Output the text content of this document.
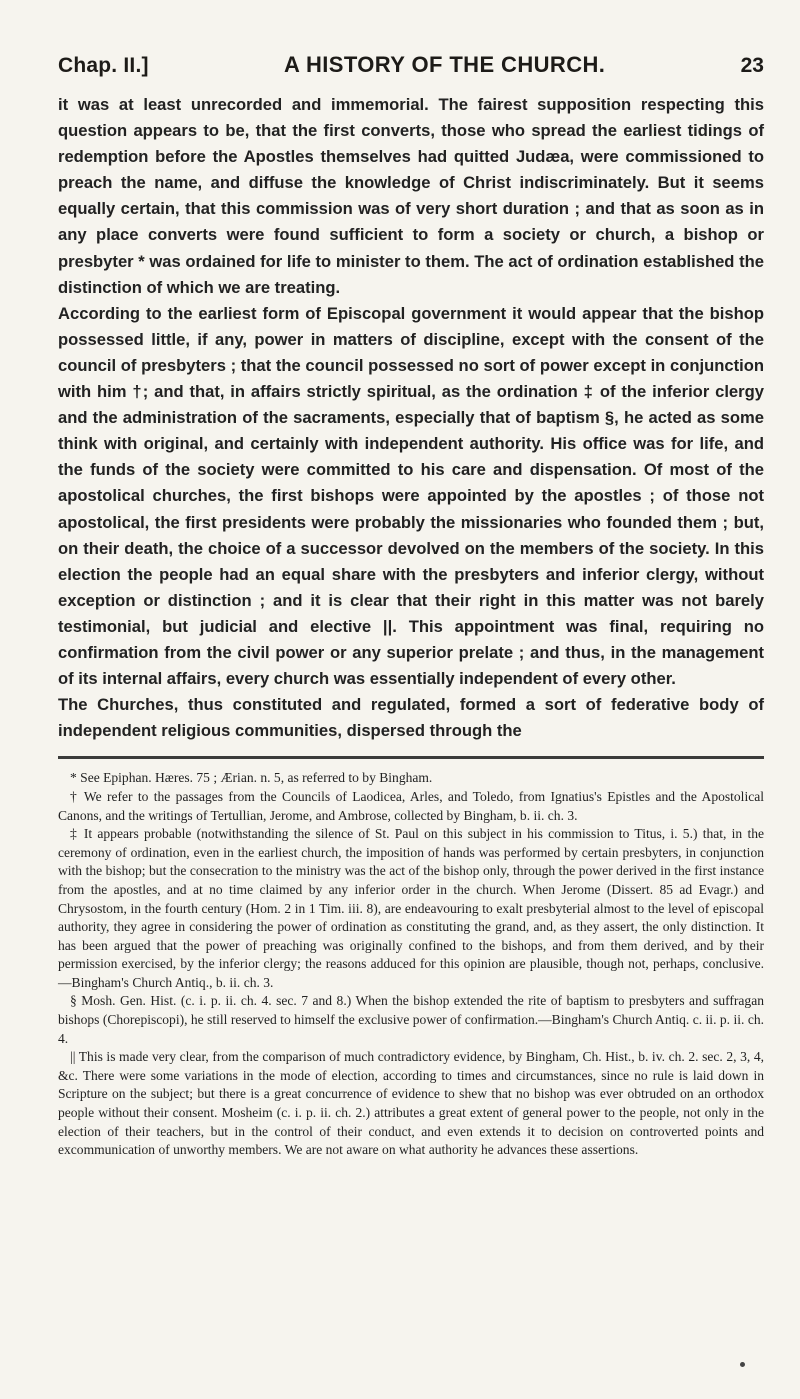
Chap. II.]	A HISTORY OF THE CHURCH.	23

it was at least unrecorded and immemorial. The fairest supposition respecting this question appears to be, that the first converts, those who spread the earliest tidings of redemption before the Apostles themselves had quitted Judæa, were commissioned to preach the name, and diffuse the knowledge of Christ indiscriminately. But it seems equally certain, that this commission was of very short duration ; and that as soon as in any place converts were found sufficient to form a society or church, a bishop or presbyter * was ordained for life to minister to them. The act of ordination established the distinction of which we are treating.

According to the earliest form of Episcopal government it would appear that the bishop possessed little, if any, power in matters of discipline, except with the consent of the council of presbyters ; that the council possessed no sort of power except in conjunction with him †; and that, in affairs strictly spiritual, as the ordination ‡ of the inferior clergy and the administration of the sacraments, especially that of baptism §, he acted as some think with original, and certainly with independent authority. His office was for life, and the funds of the society were committed to his care and dispensation. Of most of the apostolical churches, the first bishops were appointed by the apostles ; of those not apostolical, the first presidents were probably the missionaries who founded them ; but, on their death, the choice of a successor devolved on the members of the society. In this election the people had an equal share with the presbyters and inferior clergy, without exception or distinction ; and it is clear that their right in this matter was not barely testimonial, but judicial and elective ||. This appointment was final, requiring no confirmation from the civil power or any superior prelate ; and thus, in the management of its internal affairs, every church was essentially independent of every other.

The Churches, thus constituted and regulated, formed a sort of federative body of independent religious communities, dispersed through the

* See Epiphan. Hæres. 75 ; Ærian. n. 5, as referred to by Bingham.

† We refer to the passages from the Councils of Laodicea, Arles, and Toledo, from Ignatius's Epistles and the Apostolical Canons, and the writings of Tertullian, Jerome, and Ambrose, collected by Bingham, b. ii. ch. 3.

‡ It appears probable (notwithstanding the silence of St. Paul on this subject in his commission to Titus, i. 5.) that, in the ceremony of ordination, even in the earliest church, the imposition of hands was performed by certain presbyters, in conjunction with the bishop; but the consecration to the ministry was the act of the bishop only, through the power derived in the first instance from the apostles, and at no time claimed by any inferior order in the church. When Jerome (Dissert. 85 ad Evagr.) and Chrysostom, in the fourth century (Hom. 2 in 1 Tim. iii. 8), are endeavouring to exalt presbyterial almost to the level of episcopal authority, they agree in considering the power of ordination as constituting the grand, and, as they assert, the only distinction. It has been argued that the power of preaching was originally confined to the bishops, and from them derived, and by their permission exercised, by the inferior clergy; the reasons adduced for this opinion are plausible, though not, perhaps, conclusive.—Bingham's Church Antiq., b. ii. ch. 3.

§ Mosh. Gen. Hist. (c. i. p. ii. ch. 4. sec. 7 and 8.) When the bishop extended the rite of baptism to presbyters and suffragan bishops (Chorepiscopi), he still reserved to himself the exclusive power of confirmation.—Bingham's Church Antiq. c. ii. p. ii. ch. 4.

|| This is made very clear, from the comparison of much contradictory evidence, by Bingham, Ch. Hist., b. iv. ch. 2. sec. 2, 3, 4, &c. There were some variations in the mode of election, according to times and circumstances, since no rule is laid down in Scripture on the subject; but there is a great concurrence of evidence to shew that no bishop was ever obtruded on an orthodox people without their consent. Mosheim (c. i. p. ii. ch. 2.) attributes a great extent of general power to the people, not only in the election of their teachers, but in the control of their conduct, and even extends it to decision on controverted points and excommunication of unworthy members. We are not aware on what authority he advances these assertions.
